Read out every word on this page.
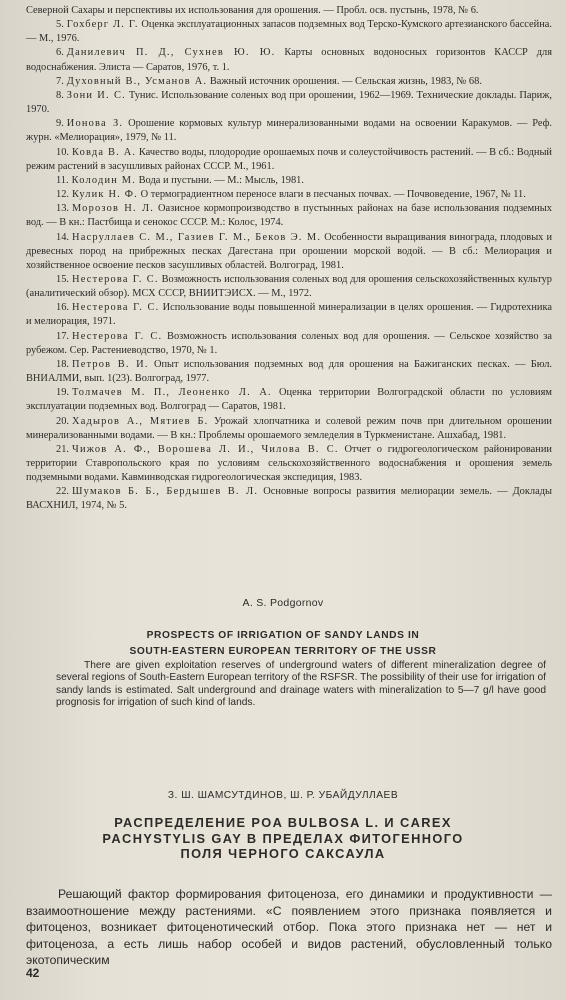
Северной Сахары и перспективы их использования для орошения. — Пробл. осв. пустынь, 1978, № 6.

5. Гохберг Л. Г. Оценка эксплуатационных запасов подземных вод Терско-Кумского артезианского бассейна. — М., 1976.

6. Данилевич П. Д., Сухнев Ю. Ю. Карты основных водоносных горизонтов КАССР для водоснабжения. Элиста — Саратов, 1976, т. 1.

7. Духовный В., Усманов А. Важный источник орошения. — Сельская жизнь, 1983, № 68.

8. Зони И. С. Тунис. Использование соленых вод при орошении, 1962—1969. Технические доклады. Париж, 1970.

9. Ионова З. Орошение кормовых культур минерализованными водами на освоении Каракумов. — Реф. журн. «Мелиорация», 1979, № 11.

10. Ковда В. А. Качество воды, плодородие орошаемых почв и солеустойчивость растений. — В сб.: Водный режим растений в засушливых районах СССР. М., 1961.

11. Колодин М. Вода и пустыни. — М.: Мысль, 1981.

12. Кулик Н. Ф. О термоградиентном переносе влаги в песчаных почвах. — Почвоведение, 1967, № 11.

13. Морозов Н. Л. Оазисное кормопроизводство в пустынных районах на базе использования подземных вод. — В кн.: Пастбища и сенокос СССР. М.: Колос, 1974.

14. Насруллаев С. М., Газиев Г. М., Беков Э. М. Особенности выращивания винограда, плодовых и древесных пород на прибрежных песках Дагестана при орошении морской водой. — В сб.: Мелиорация и хозяйственное освоение песков засушливых областей. Волгоград, 1981.

15. Нестерова Г. С. Возможность использования соленых вод для орошения сельскохозяйственных культур (аналитический обзор). МСХ СССР, ВНИИТЭИСХ. — М., 1972.

16. Нестерова Г. С. Использование воды повышенной минерализации в целях орошения. — Гидротехника и мелиорация, 1971.

17. Нестерова Г. С. Возможность использования соленых вод для орошения. — Сельское хозяйство за рубежом. Сер. Растениеводство, 1970, № 1.

18. Петров В. И. Опыт использования подземных вод для орошения на Бажиганских песках. — Бюл. ВНИАЛМИ, вып. 1(23). Волгоград, 1977.

19. Толмачев М. П., Леоненко Л. А. Оценка территории Волгоградской области по условиям эксплуатации подземных вод. Волгоград — Саратов, 1981.

20. Хадыров А., Мятиев Б. Урожай хлопчатника и солевой режим почв при длительном орошении минерализованными водами. — В кн.: Проблемы орошаемого земледелия в Туркменистане. Ашхабад, 1981.

21. Чижов А. Ф., Ворошева Л. И., Чилова В. С. Отчет о гидрогеологическом районировании территории Ставропольского края по условиям сельскохозяйственного водоснабжения и орошения земель подземными водами. Кавминводская гидрогеологическая экспедиция, 1983.

22. Шумаков Б. Б., Бердышев В. Л. Основные вопросы развития мелиорации земель. — Доклады ВАСХНИЛ, 1974, № 5.

A. S. Podgornov
PROSPECTS OF IRRIGATION OF SANDY LANDS IN
SOUTH-EASTERN EUROPEAN TERRITORY OF THE USSR

There are given exploitation reserves of underground waters of different mineralization degree of several regions of South-Eastern European territory of the RSFSR. The possibility of their use for irrigation of sandy lands is estimated. Salt underground and drainage waters with mineralization to 5—7 g/l have good prognosis for irrigation of such kind of lands.

З. Ш. ШАМСУТДИНОВ, Ш. Р. УБАЙДУЛЛАЕВ
РАСПРЕДЕЛЕНИЕ POA BULBOSA L. И CAREX
PACHYSTYLIS GAY В ПРЕДЕЛАХ ФИТОГЕННОГО
ПОЛЯ ЧЕРНОГО САКСАУЛА

Решающий фактор формирования фитоценоза, его динамики и продуктивности — взаимоотношение между растениями. «С появлением этого признака появляется и фитоценоз, возникает фитоценотический отбор. Пока этого признака нет — нет и фитоценоза, а есть лишь набор особей и видов растений, обусловленный только экотопическим

42
